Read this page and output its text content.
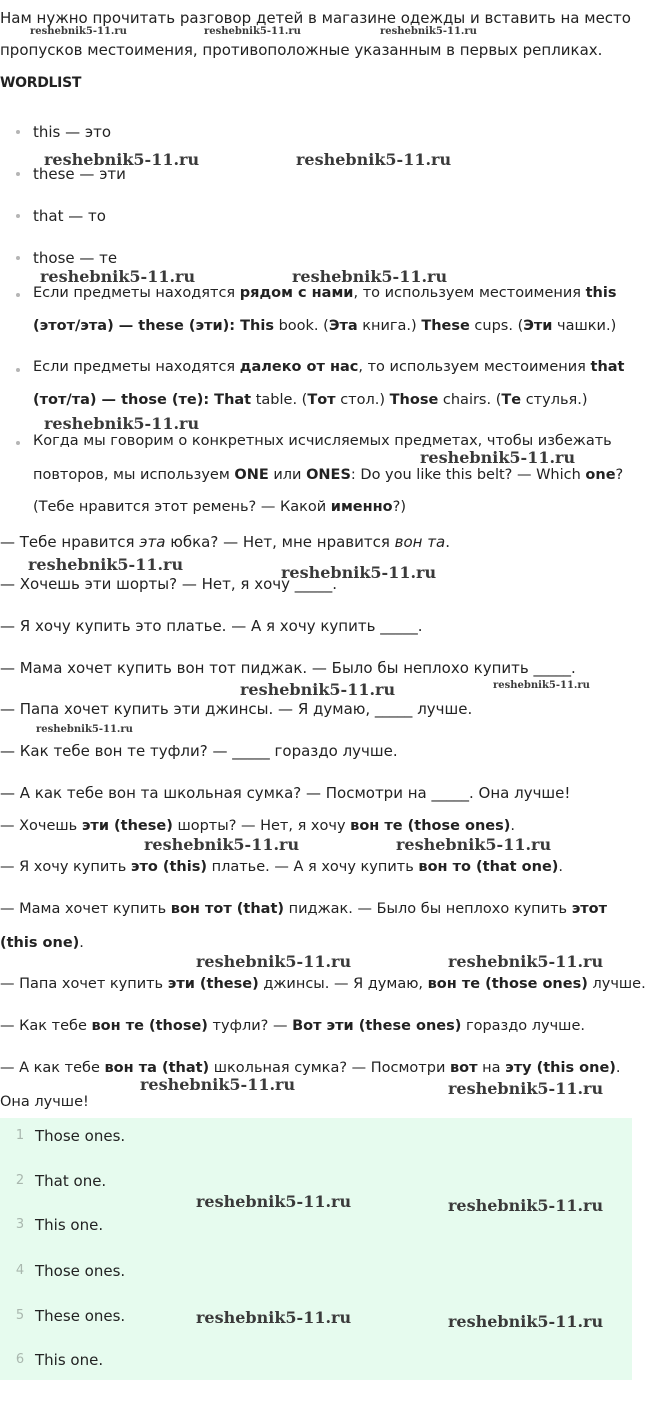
Нам нужно прочитать разговор детей в магазине одежды и вставить на место
пропусков местоимения, противоположные указанным в первых репликах.
WORDLIST
this — это
these — эти
that — то
those — те
Если предметы находятся рядом с нами, то используем местоимения this
(этот/эта) — these (эти): This book. (Эта книга.) These cups. (Эти чашки.)
Если предметы находятся далеко от нас, то используем местоимения that
(тот/та) — those (те): That table. (Тот стол.) Those chairs. (Те стулья.)
Когда мы говорим о конкретных исчисляемых предметах, чтобы избежать
повторов, мы используем ONE или ONES: Do you like this belt? — Which one?
(Тебе нравится этот ремень? — Какой именно?)
— Тебе нравится эта юбка? — Нет, мне нравится вон та.
— Хочешь эти шорты? — Нет, я хочу _____.
— Я хочу купить это платье. — А я хочу купить _____.
— Мама хочет купить вон тот пиджак. — Было бы неплохо купить _____.
— Папа хочет купить эти джинсы. — Я думаю, _____ лучше.
— Как тебе вон те туфли? — _____ гораздо лучше.
— А как тебе вон та школьная сумка? — Посмотри на _____. Она лучше!
— Хочешь эти (these) шорты? — Нет, я хочу вон те (those ones).
— Я хочу купить это (this) платье. — А я хочу купить вон то (that one).
— Мама хочет купить вон тот (that) пиджак. — Было бы неплохо купить этот
(this one).
— Папа хочет купить эти (these) джинсы. — Я думаю, вон те (those ones) лучше.
— Как тебе вон те (those) туфли? — Вот эти (these ones) гораздо лучше.
— А как тебе вон та (that) школьная сумка? — Посмотри вот на эту (this one).
Она лучше!
1 Those ones.
2 That one.
3 This one.
4 Those ones.
5 These ones.
6 This one.
reshebnik5-11.ru	reshebnik5-11.ru	reshebnik5-11.ru
reshebnik5-11.ru	reshebnik5-11.ru
reshebnik5-11.ru	reshebnik5-11.ru
reshebnik5-11.ru
reshebnik5-11.ru
reshebnik5-11.ru	reshebnik5-11.ru
reshebnik5-11.ru	reshebnik5-11.ru
reshebnik5-11.ru
reshebnik5-11.ru	reshebnik5-11.ru
reshebnik5-11.ru	reshebnik5-11.ru
reshebnik5-11.ru	reshebnik5-11.ru
reshebnik5-11.ru	reshebnik5-11.ru
reshebnik5-11.ru	reshebnik5-11.ru
